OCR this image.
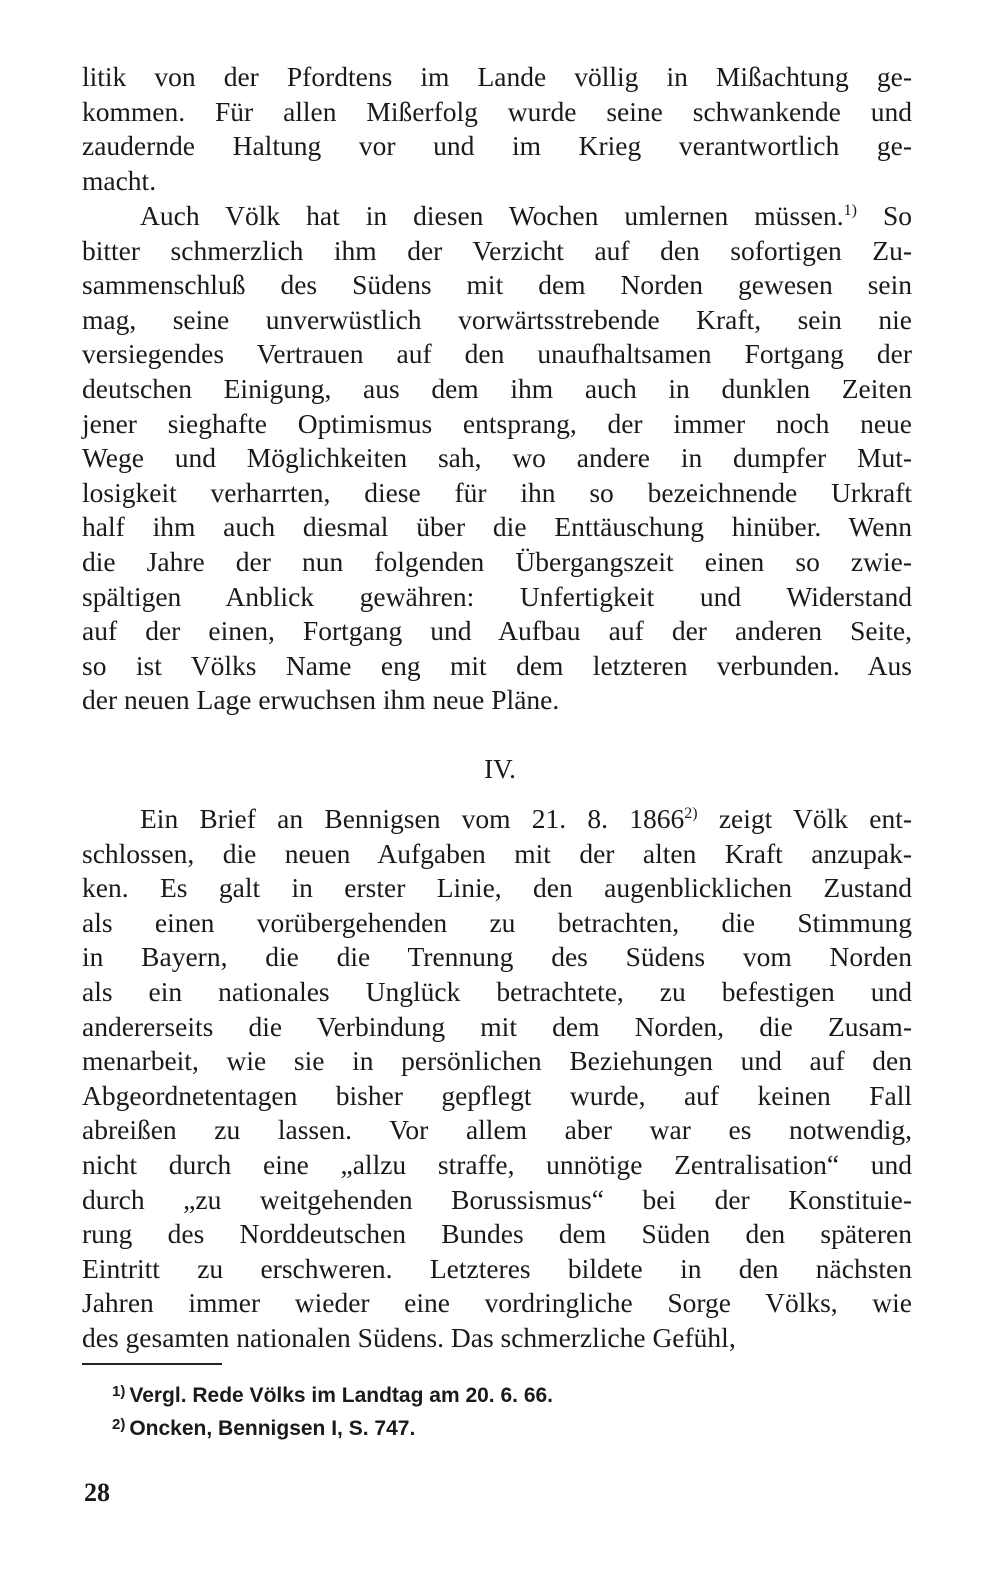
litik von der Pfordtens im Lande völlig in Mißachtung ge-
kommen. Für allen Mißerfolg wurde seine schwankende und
zaudernde Haltung vor und im Krieg verantwortlich ge-
macht.
Auch Völk hat in diesen Wochen umlernen müssen.$^{1)}$ So
bitter schmerzlich ihm der Verzicht auf den sofortigen Zu-
sammenschluß des Südens mit dem Norden gewesen sein
mag, seine unverwüstlich vorwärtsstrebende Kraft, sein nie
versiegendes Vertrauen auf den unaufhaltsamen Fortgang der
deutschen Einigung, aus dem ihm auch in dunklen Zeiten
jener sieghafte Optimismus entsprang, der immer noch neue
Wege und Möglichkeiten sah, wo andere in dumpfer Mut-
losigkeit verharrten, diese für ihn so bezeichnende Urkraft
half ihm auch diesmal über die Enttäuschung hinüber. Wenn
die Jahre der nun folgenden Übergangszeit einen so zwie-
spältigen Anblick gewähren: Unfertigkeit und Widerstand
auf der einen, Fortgang und Aufbau auf der anderen Seite,
so ist Völks Name eng mit dem letzteren verbunden. Aus
der neuen Lage erwuchsen ihm neue Pläne.
IV.
Ein Brief an Bennigsen vom 21. 8. 1866$^{2)}$ zeigt Völk ent-
schlossen, die neuen Aufgaben mit der alten Kraft anzupak-
ken. Es galt in erster Linie, den augenblicklichen Zustand
als einen vorübergehenden zu betrachten, die Stimmung
in Bayern, die die Trennung des Südens vom Norden
als ein nationales Unglück betrachtete, zu befestigen und
andererseits die Verbindung mit dem Norden, die Zusam-
menarbeit, wie sie in persönlichen Beziehungen und auf den
Abgeordnetentagen bisher gepflegt wurde, auf keinen Fall
abreißen zu lassen. Vor allem aber war es notwendig,
nicht durch eine „allzu straffe, unnötige Zentralisation“ und
durch „zu weitgehenden Borussismus“ bei der Konstituie-
rung des Norddeutschen Bundes dem Süden den späteren
Eintritt zu erschweren. Letzteres bildete in den nächsten
Jahren immer wieder eine vordringliche Sorge Völks, wie
des gesamten nationalen Südens. Das schmerzliche Gefühl,
$^{1)}$ Vergl. Rede Völks im Landtag am 20. 6. 66.
$^{2)}$ Oncken, Bennigsen I, S. 747.
28
